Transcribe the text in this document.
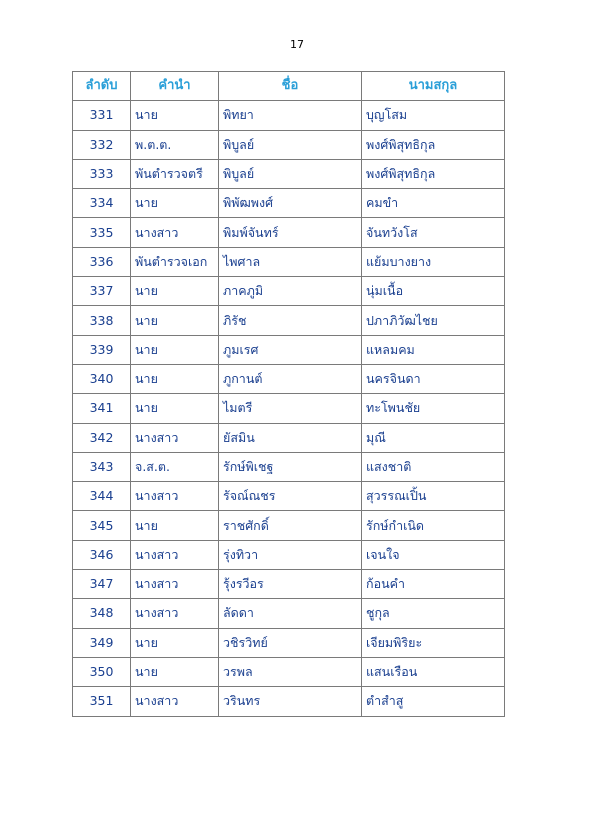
17
ลำดับ	คำนำ	ชื่อ	นามสกุล
331	นาย	พิทยา	บุญโสม
332	พ.ต.ต.	พิบูลย์	พงศ์พิสุทธิกุล
333	พันตำรวจตรี	พิบูลย์	พงศ์พิสุทธิกุล
334	นาย	พิพัฒพงศ์	คมขำ
335	นางสาว	พิมพ์จันทร์	จันทวังโส
336	พันตำรวจเอก	ไพศาล	แย้มบางยาง
337	นาย	ภาคภูมิ	นุ่มเนื้อ
338	นาย	ภิรัช	ปภาภิวัฒไชย
339	นาย	ภูมเรศ	แหลมคม
340	นาย	ภูกานต์	นครจินดา
341	นาย	ไมตรี	ทะโพนชัย
342	นางสาว	ยัสมิน	มุณี
343	จ.ส.ต.	รักษ์พิเชฐ	แสงชาติ
344	นางสาว	รัจณ์ณชร	สุวรรณเปิ้น
345	นาย	ราชศักดิ์	รักษ์กำเนิด
346	นางสาว	รุ่งทิวา	เจนใจ
347	นางสาว	รุ้งรวีอร	ก้อนคำ
348	นางสาว	ลัดดา	ชูกุล
349	นาย	วชิรวิทย์	เจียมพิริยะ
350	นาย	วรพล	แสนเรือน
351	นางสาว	วรินทร	ตำสำสู
